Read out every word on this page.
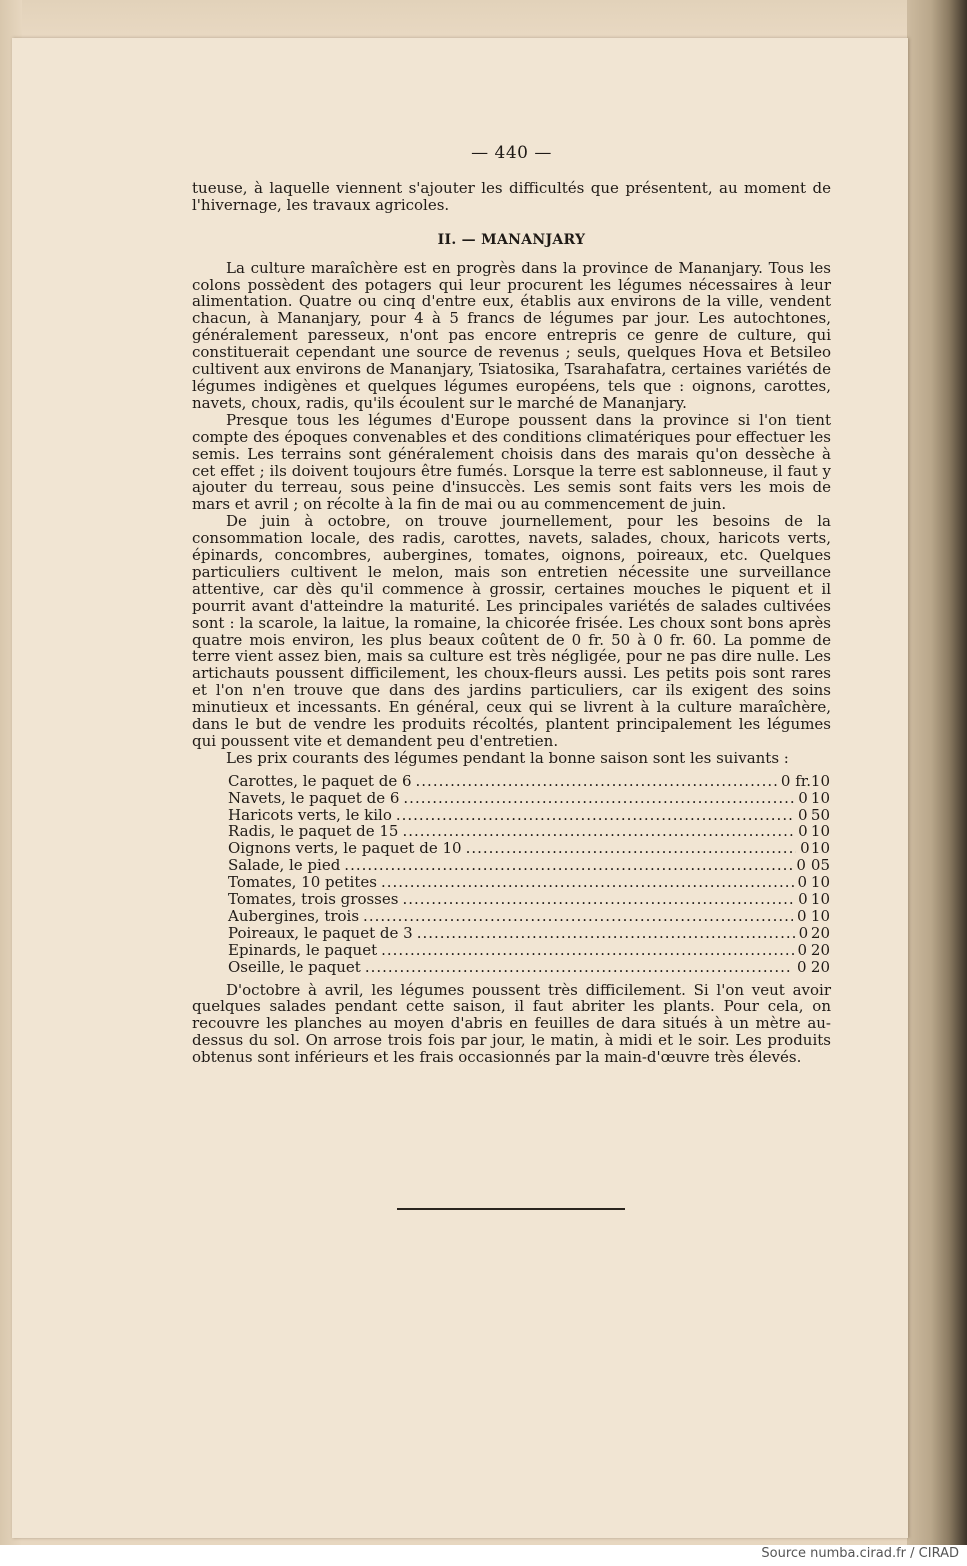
— 440 —

tueuse, à laquelle viennent s'ajouter les difficultés que présentent, au moment de l'hivernage, les travaux agricoles.

II. — MANANJARY

La culture maraîchère est en progrès dans la province de Mananjary. Tous les colons possèdent des potagers qui leur procurent les légumes nécessaires à leur alimentation. Quatre ou cinq d'entre eux, établis aux environs de la ville, vendent chacun, à Mananjary, pour 4 à 5 francs de légumes par jour. Les autochtones, généralement paresseux, n'ont pas encore entrepris ce genre de culture, qui constituerait cependant une source de revenus ; seuls, quelques Hova et Betsileo cultivent aux environs de Mananjary, Tsiatosika, Tsarahafatra, certaines variétés de légumes indigènes et quelques légumes européens, tels que : oignons, carottes, navets, choux, radis, qu'ils écoulent sur le marché de Mananjary.

Presque tous les légumes d'Europe poussent dans la province si l'on tient compte des époques convenables et des conditions climatériques pour effectuer les semis. Les terrains sont généralement choisis dans des marais qu'on dessèche à cet effet ; ils doivent toujours être fumés. Lorsque la terre est sablonneuse, il faut y ajouter du terreau, sous peine d'insuccès. Les semis sont faits vers les mois de mars et avril ; on récolte à la fin de mai ou au commencement de juin.

De juin à octobre, on trouve journellement, pour les besoins de la consommation locale, des radis, carottes, navets, salades, choux, haricots verts, épinards, concombres, aubergines, tomates, oignons, poireaux, etc. Quelques particuliers cultivent le melon, mais son entretien nécessite une surveillance attentive, car dès qu'il commence à grossir, certaines mouches le piquent et il pourrit avant d'atteindre la maturité. Les principales variétés de salades cultivées sont : la scarole, la laitue, la romaine, la chicorée frisée. Les choux sont bons après quatre mois environ, les plus beaux coûtent de 0 fr. 50 à 0 fr. 60. La pomme de terre vient assez bien, mais sa culture est très négligée, pour ne pas dire nulle. Les artichauts poussent difficilement, les choux-fleurs aussi. Les petits pois sont rares et l'on n'en trouve que dans des jardins particuliers, car ils exigent des soins minutieux et incessants. En général, ceux qui se livrent à la culture maraîchère, dans le but de vendre les produits récoltés, plantent principalement les légumes qui poussent vite et demandent peu d'entretien.

Les prix courants des légumes pendant la bonne saison sont les suivants :

Carottes, le paquet de 6 .....	0 fr. 10
Navets, le paquet de 6 .....	0 10
Haricots verts, le kilo .....	0 50
Radis, le paquet de 15 .....	0 10
Oignons verts, le paquet de 10 .....	0 10
Salade, le pied .....	0 05
Tomates, 10 petites .....	0 10
Tomates, trois grosses .....	0 10
Aubergines, trois .....	0 10
Poireaux, le paquet de 3 .....	0 20
Epinards, le paquet .....	0 20
Oseille, le paquet .....	0 20

D'octobre à avril, les légumes poussent très difficilement. Si l'on veut avoir quelques salades pendant cette saison, il faut abriter les plants. Pour cela, on recouvre les planches au moyen d'abris en feuilles de dara situés à un mètre au-dessus du sol. On arrose trois fois par jour, le matin, à midi et le soir. Les produits obtenus sont inférieurs et les frais occasionnés par la main-d'œuvre très élevés.

Source numba.cirad.fr / CIRAD
